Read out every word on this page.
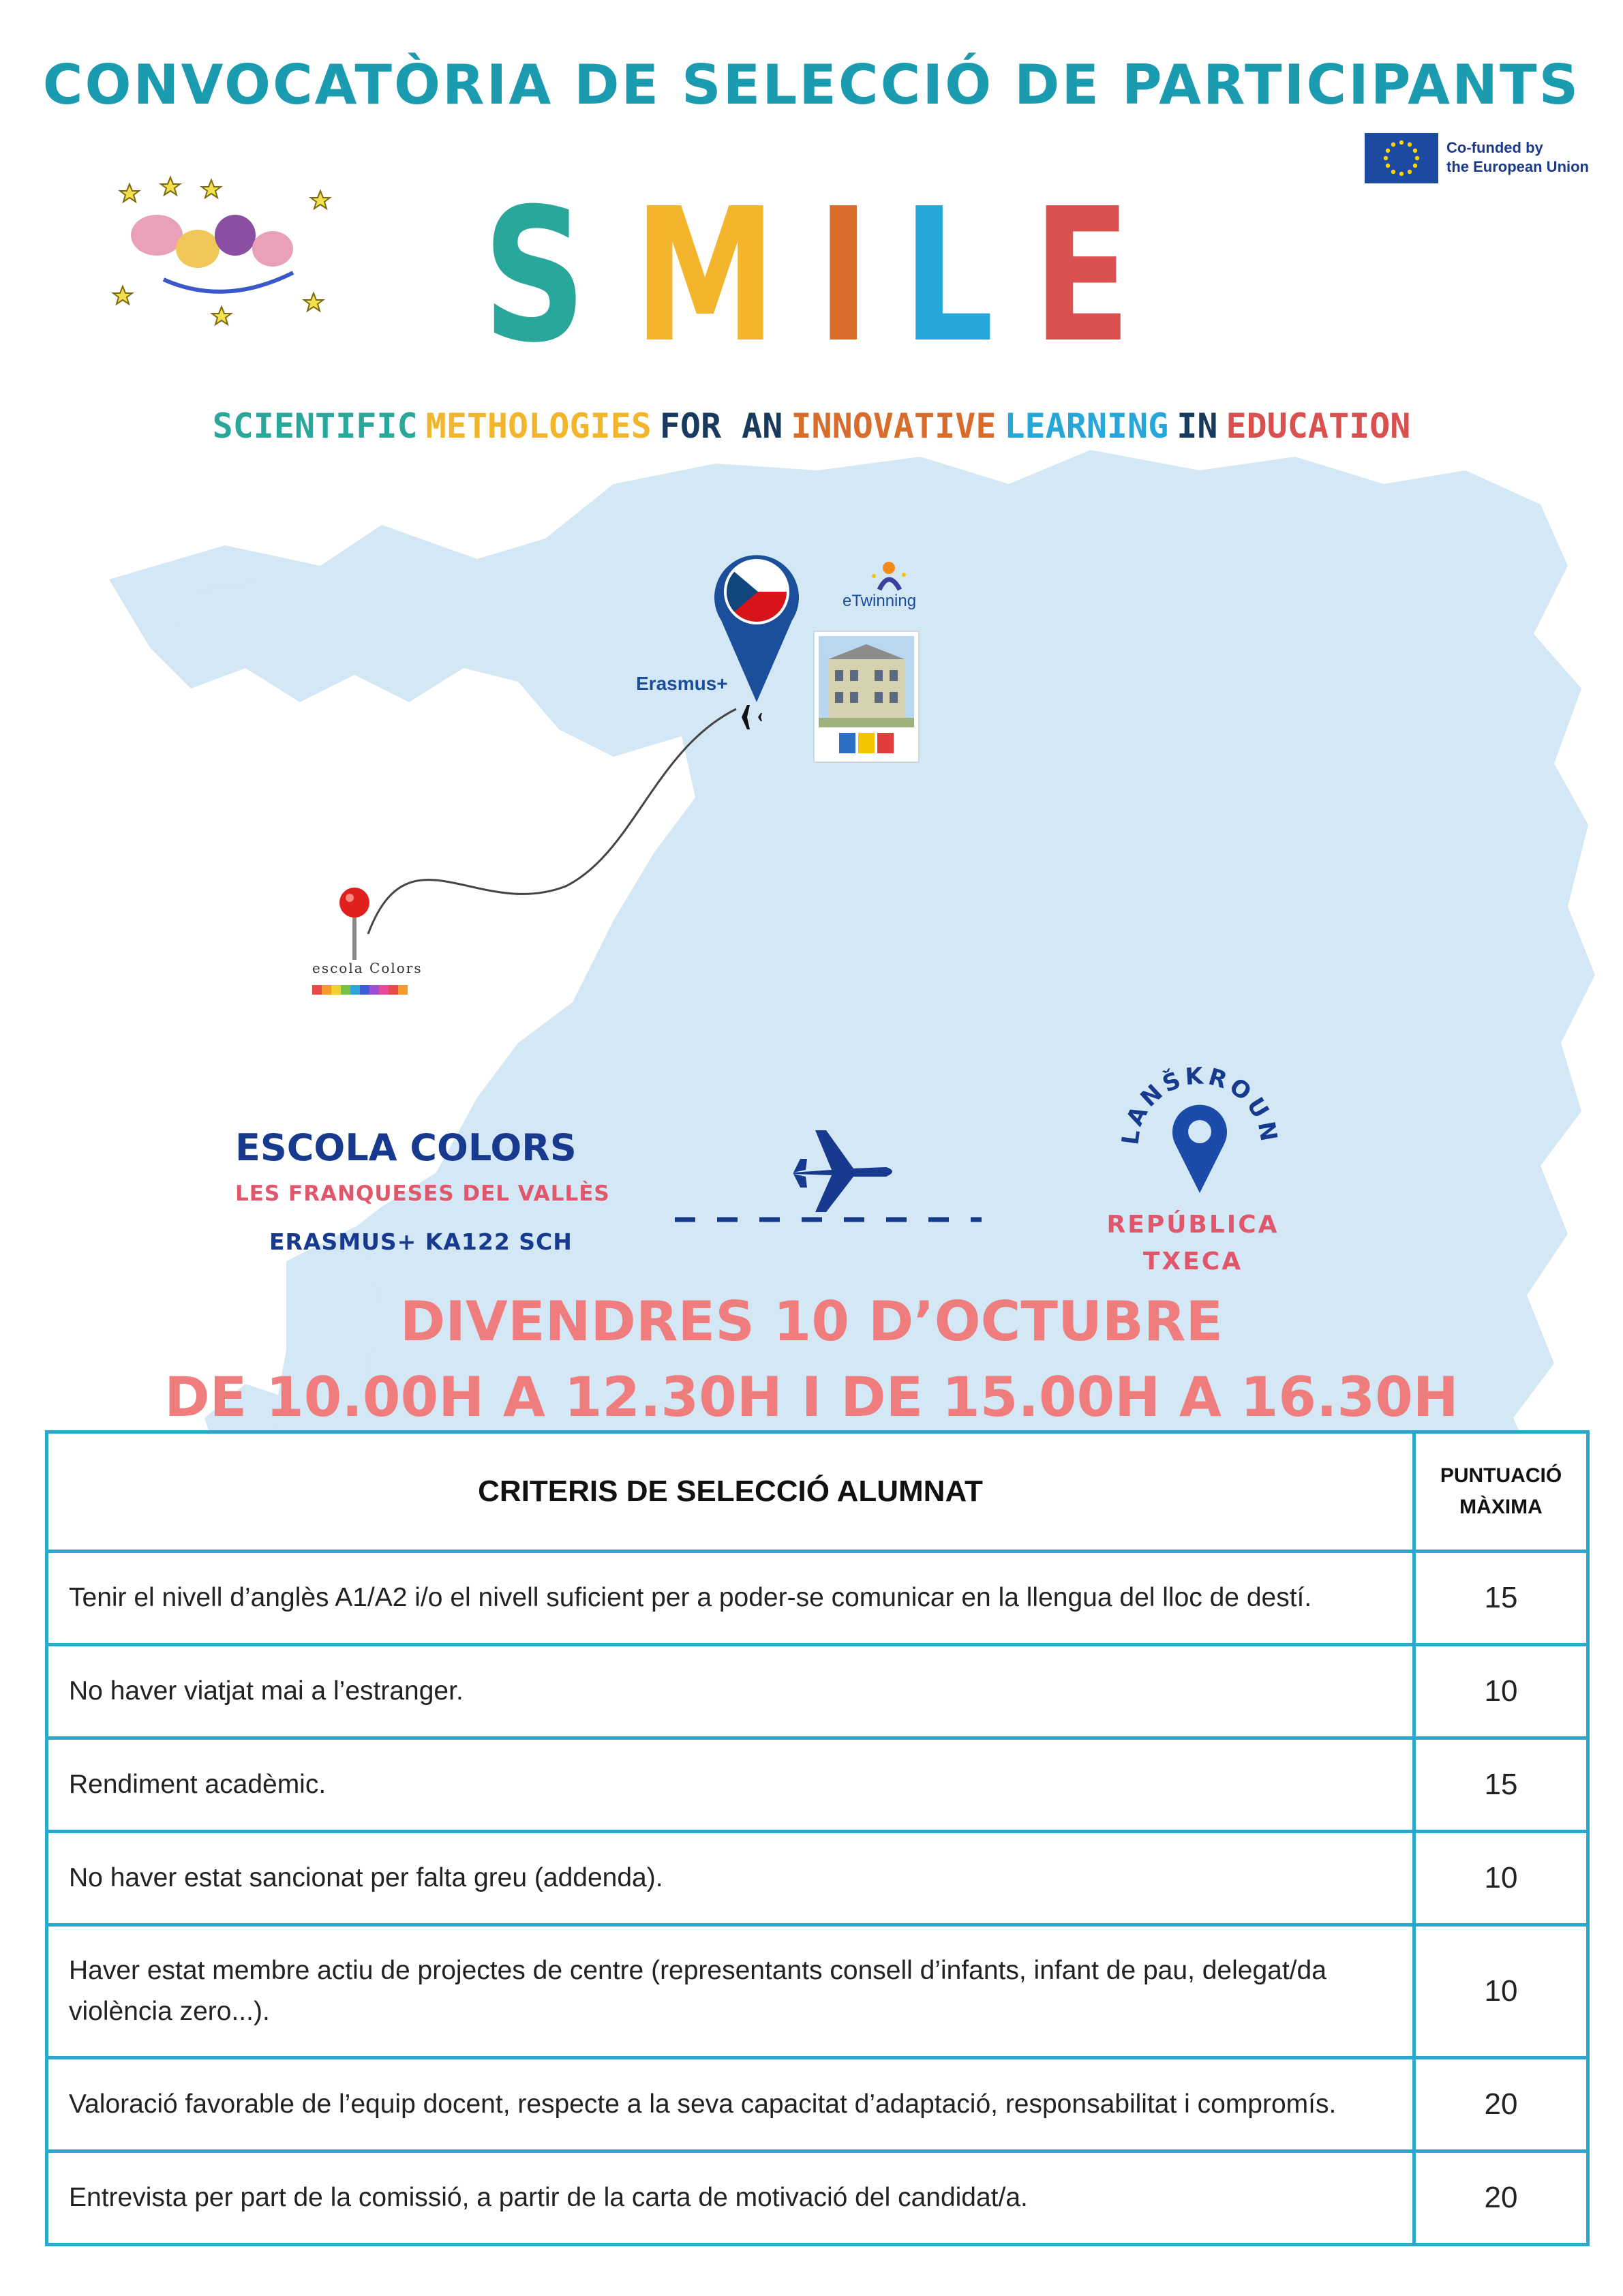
CONVOCATÒRIA DE SELECCIÓ DE PARTICIPANTS
Co-funded by
the European Union
S M I L E
SCIENTIFIC METHOLOGIES FOR AN INNOVATIVE LEARNING IN EDUCATION
Erasmus+
eTwinning
escola Colors
ESCOLA COLORS
LES FRANQUESES DEL VALLÈS
ERASMUS+ KA122 SCH
LANŠKROUN
REPÚBLICA
TXECA
DIVENDRES 10 D’OCTUBRE
DE 10.00H A 12.30H I DE 15.00H A 16.30H
CRITERIS DE SELECCIÓ ALUMNAT	PUNTUACIÓ
MÀXIMA

Tenir el nivell d’anglès A1/A2 i/o el nivell suficient per a poder-se comunicar en la llengua del lloc de destí.	15
No haver viatjat mai a l’estranger.	10
Rendiment acadèmic.	15
No haver estat sancionat per falta greu (addenda).	10
Haver estat membre actiu de projectes de centre (representants consell d’infants, infant de pau, delegat/da violència zero...).	10
Valoració favorable de l’equip docent, respecte a la seva capacitat d’adaptació, responsabilitat i compromís.	20
Entrevista per part de la comissió, a partir de la carta de motivació del candidat/a.	20
